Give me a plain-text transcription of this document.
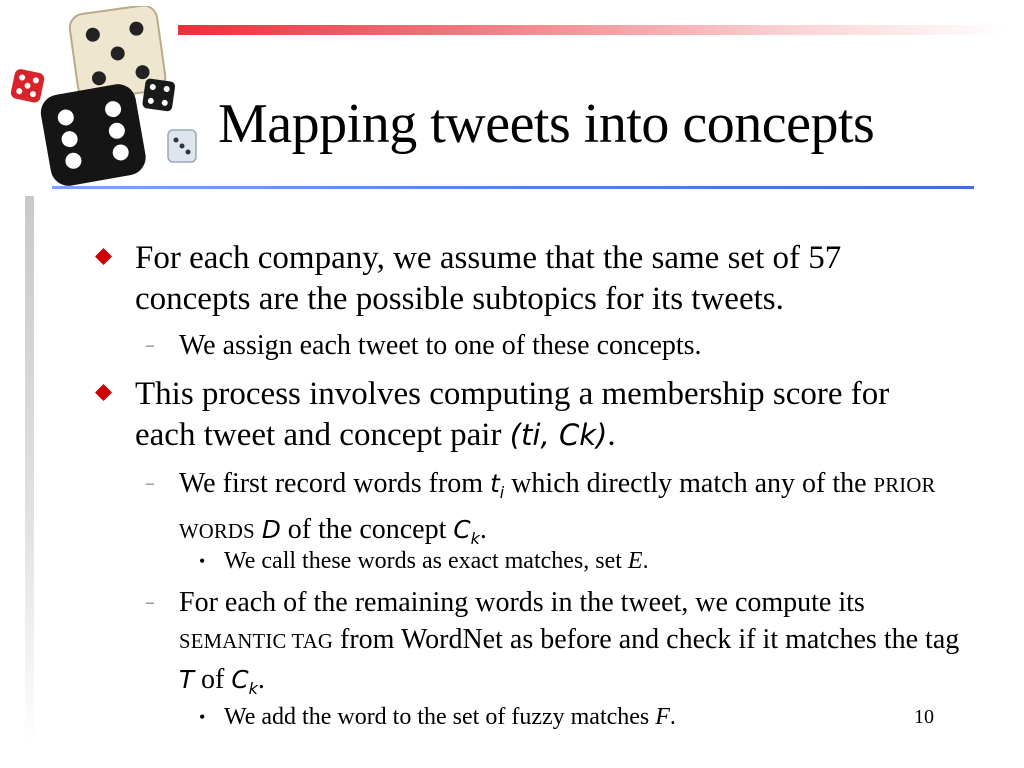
Mapping tweets into concepts
For each company, we assume that the same set of 57 concepts are the possible subtopics for its tweets.
– We assign each tweet to one of these concepts.
This process involves computing a membership score for each tweet and concept pair (ti, Ck).
– We first record words from $t_i$ which directly match any of the PRIOR WORDS D of the concept $C_k$.
• We call these words as exact matches, set E.
– For each of the remaining words in the tweet, we compute its SEMANTIC TAG from WordNet as before and check if it matches the tag T of $C_k$.
• We add the word to the set of fuzzy matches F.	10
